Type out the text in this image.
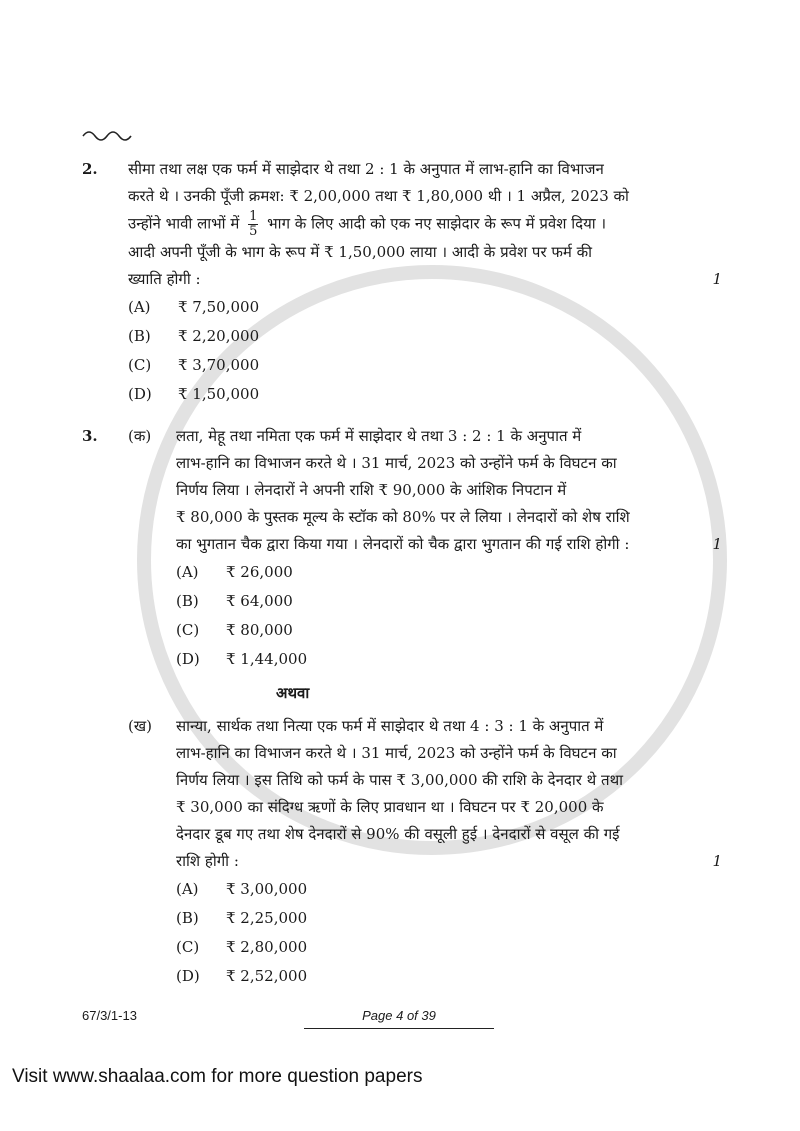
2.	सीमा तथा लक्ष एक फर्म में साझेदार थे तथा 2 : 1 के अनुपात में लाभ-हानि का विभाजन
करते थे । उनकी पूँजी क्रमश: ₹ 2,00,000 तथा ₹ 1,80,000 थी । 1 अप्रैल, 2023 को
उन्होंने भावी लाभों में $\frac{1}{5}$ भाग के लिए आदी को एक नए साझेदार के रूप में प्रवेश दिया ।
आदी अपनी पूँजी के भाग के रूप में ₹ 1,50,000 लाया । आदी के प्रवेश पर फर्म की
ख्याति होगी :	1
(A)	₹ 7,50,000
(B)	₹ 2,20,000
(C)	₹ 3,70,000
(D)	₹ 1,50,000
3.	(क)	लता, मेहू तथा नमिता एक फर्म में साझेदार थे तथा 3 : 2 : 1 के अनुपात में
लाभ-हानि का विभाजन करते थे । 31 मार्च, 2023 को उन्होंने फर्म के विघटन का
निर्णय लिया । लेनदारों ने अपनी राशि ₹ 90,000 के आंशिक निपटान में
₹ 80,000 के पुस्तक मूल्य के स्टॉक को 80% पर ले लिया । लेनदारों को शेष राशि
का भुगतान चैक द्वारा किया गया । लेनदारों को चैक द्वारा भुगतान की गई राशि होगी :	1
(A)	₹ 26,000
(B)	₹ 64,000
(C)	₹ 80,000
(D)	₹ 1,44,000
अथवा
(ख)	सान्या, सार्थक तथा नित्या एक फर्म में साझेदार थे तथा 4 : 3 : 1 के अनुपात में
लाभ-हानि का विभाजन करते थे । 31 मार्च, 2023 को उन्होंने फर्म के विघटन का
निर्णय लिया । इस तिथि को फर्म के पास ₹ 3,00,000 की राशि के देनदार थे तथा
₹ 30,000 का संदिग्ध ऋणों के लिए प्रावधान था । विघटन पर ₹ 20,000 के
देनदार डूब गए तथा शेष देनदारों से 90% की वसूली हुई । देनदारों से वसूल की गई
राशि होगी :	1
(A)	₹ 3,00,000
(B)	₹ 2,25,000
(C)	₹ 2,80,000
(D)	₹ 2,52,000
67/3/1-13	Page 4 of 39
Visit www.shaalaa.com for more question papers
